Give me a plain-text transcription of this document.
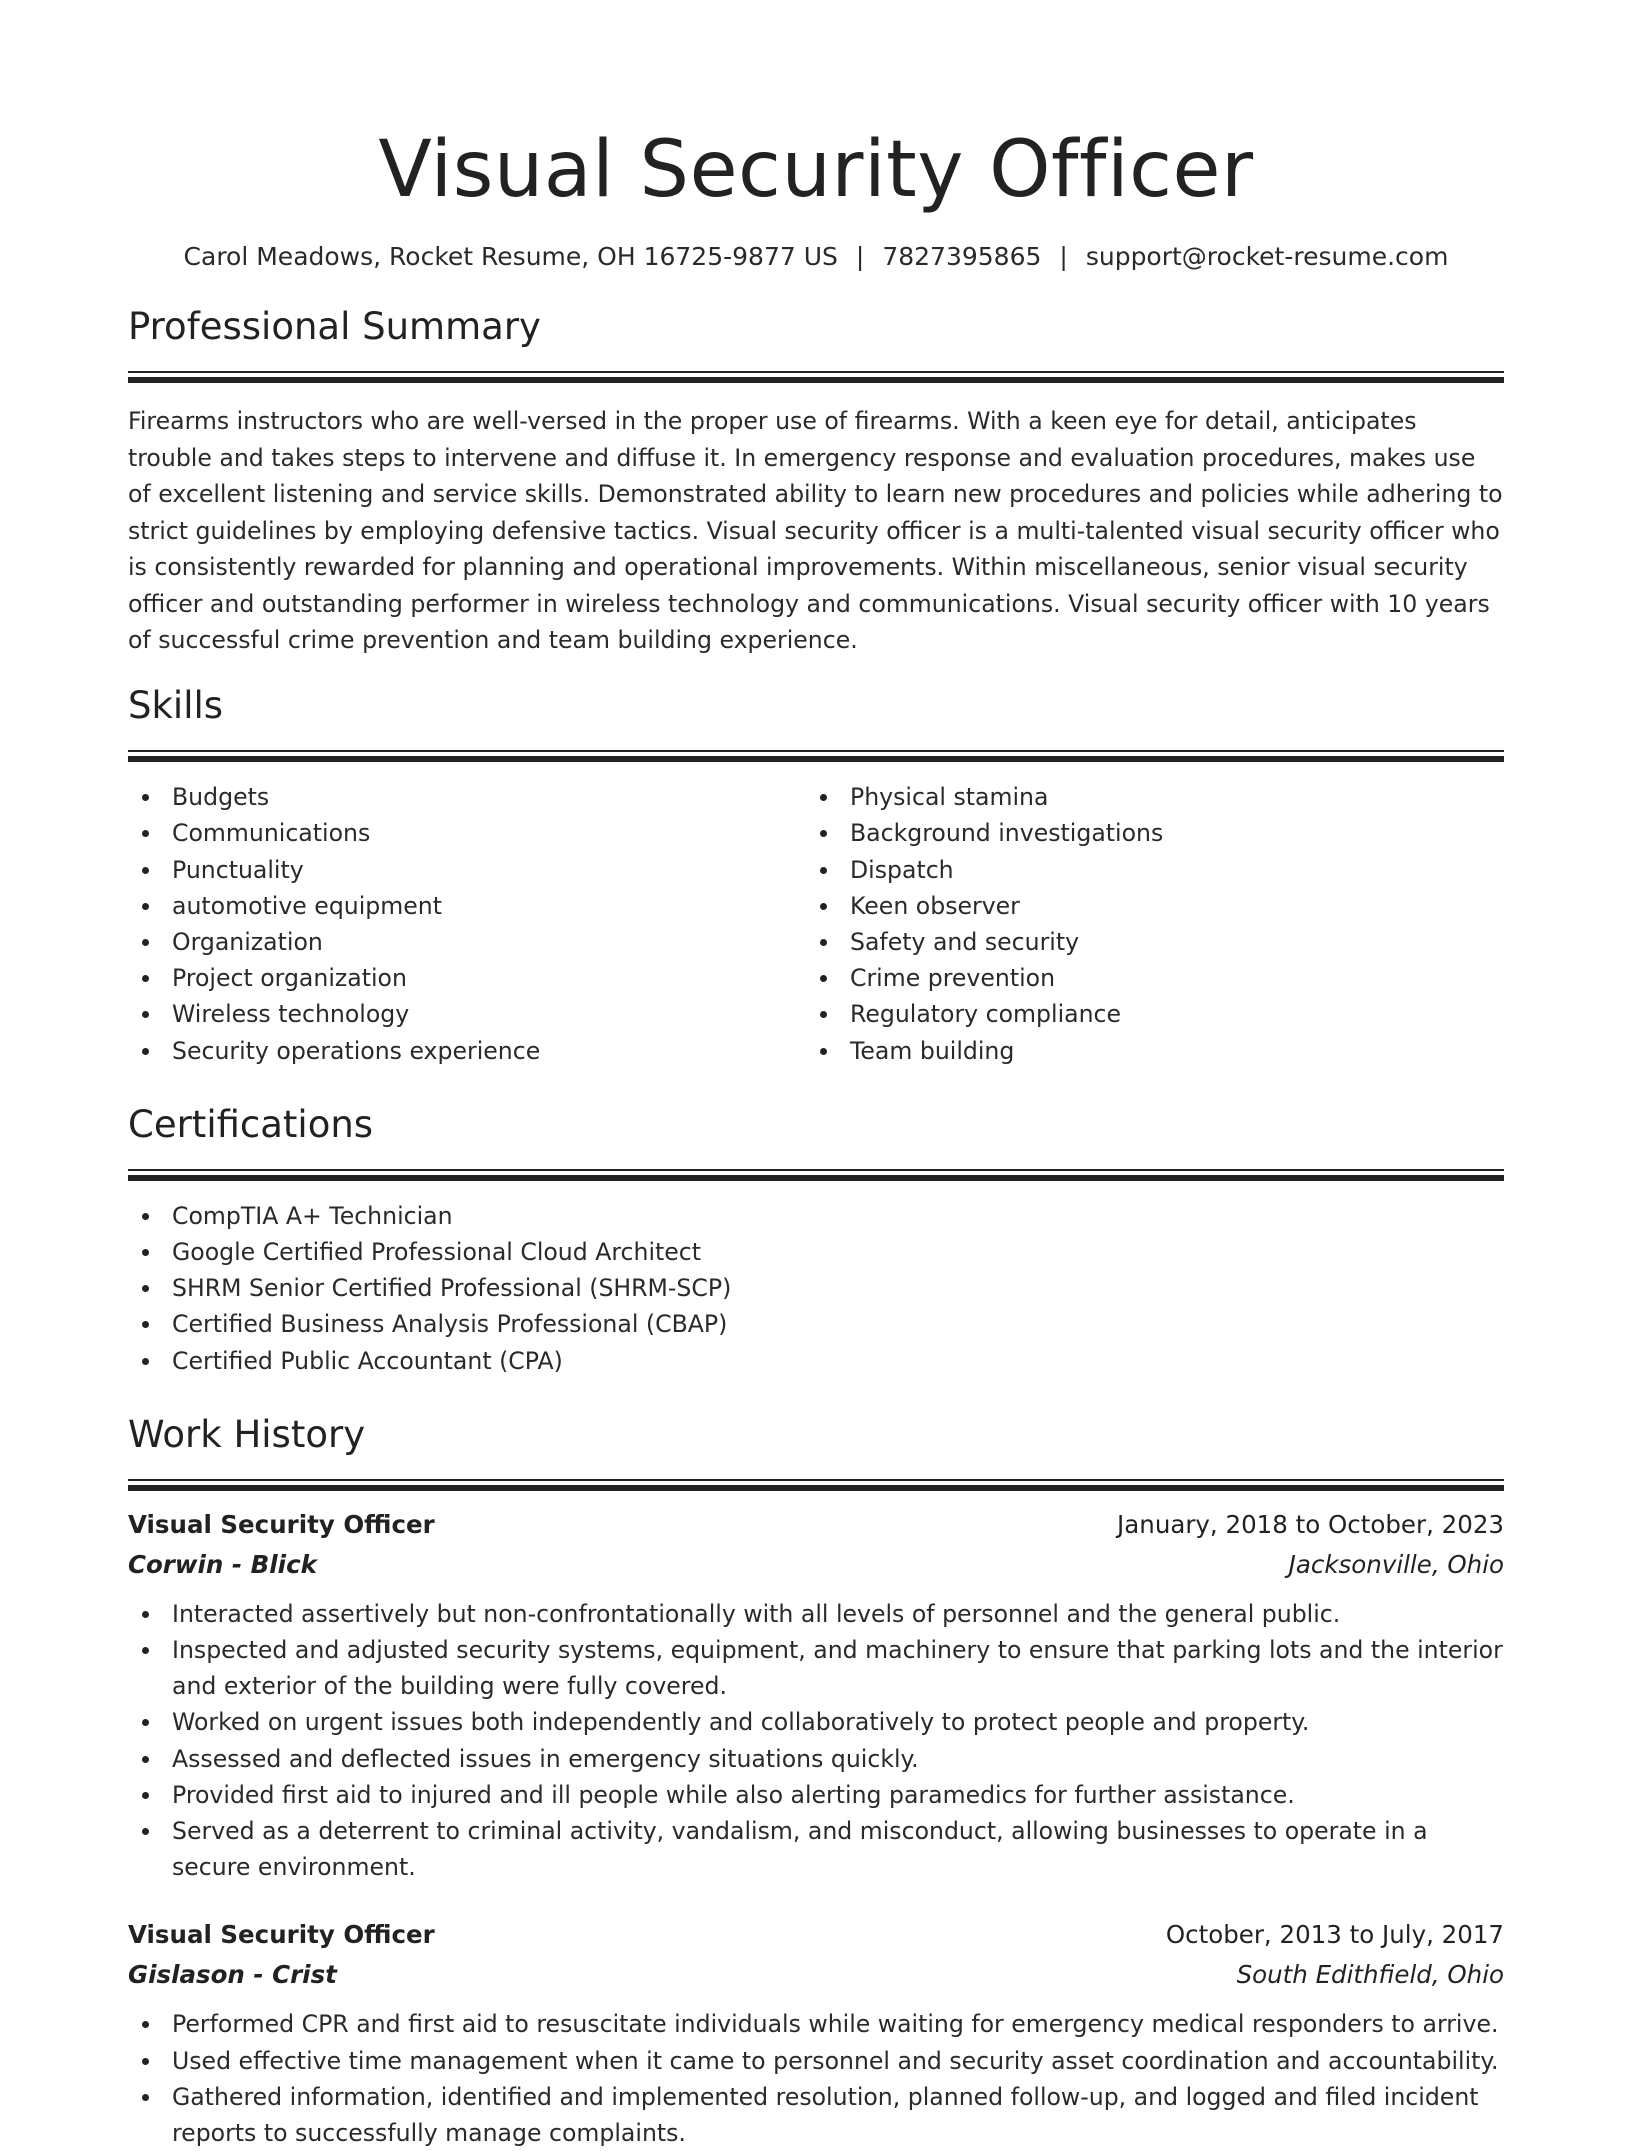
Visual Security Officer
Carol Meadows, Rocket Resume, OH 16725-9877 US | 7827395865 | support@rocket-resume.com
Professional Summary

Firearms instructors who are well-versed in the proper use of firearms. With a keen eye for detail, anticipates trouble and takes steps to intervene and diffuse it. In emergency response and evaluation procedures, makes use of excellent listening and service skills. Demonstrated ability to learn new procedures and policies while adhering to strict guidelines by employing defensive tactics. Visual security officer is a multi-talented visual security officer who is consistently rewarded for planning and operational improvements. Within miscellaneous, senior visual security officer and outstanding performer in wireless technology and communications. Visual security officer with 10 years of successful crime prevention and team building experience.

Skills
Budgets
Communications
Punctuality
automotive equipment
Organization
Project organization
Wireless technology
Security operations experience
Physical stamina
Background investigations
Dispatch
Keen observer
Safety and security
Crime prevention
Regulatory compliance
Team building
Certifications
CompTIA A+ Technician
Google Certified Professional Cloud Architect
SHRM Senior Certified Professional (SHRM-SCP)
Certified Business Analysis Professional (CBAP)
Certified Public Accountant (CPA)
Work History
Visual Security Officer	January, 2018 to October, 2023
Corwin - Blick	Jacksonville, Ohio
Interacted assertively but non-confrontationally with all levels of personnel and the general public.
Inspected and adjusted security systems, equipment, and machinery to ensure that parking lots and the interior and exterior of the building were fully covered.
Worked on urgent issues both independently and collaboratively to protect people and property.
Assessed and deflected issues in emergency situations quickly.
Provided first aid to injured and ill people while also alerting paramedics for further assistance.
Served as a deterrent to criminal activity, vandalism, and misconduct, allowing businesses to operate in a secure environment.
Visual Security Officer	October, 2013 to July, 2017
Gislason - Crist	South Edithfield, Ohio
Performed CPR and first aid to resuscitate individuals while waiting for emergency medical responders to arrive.
Used effective time management when it came to personnel and security asset coordination and accountability.
Gathered information, identified and implemented resolution, planned follow-up, and logged and filed incident reports to successfully manage complaints.
